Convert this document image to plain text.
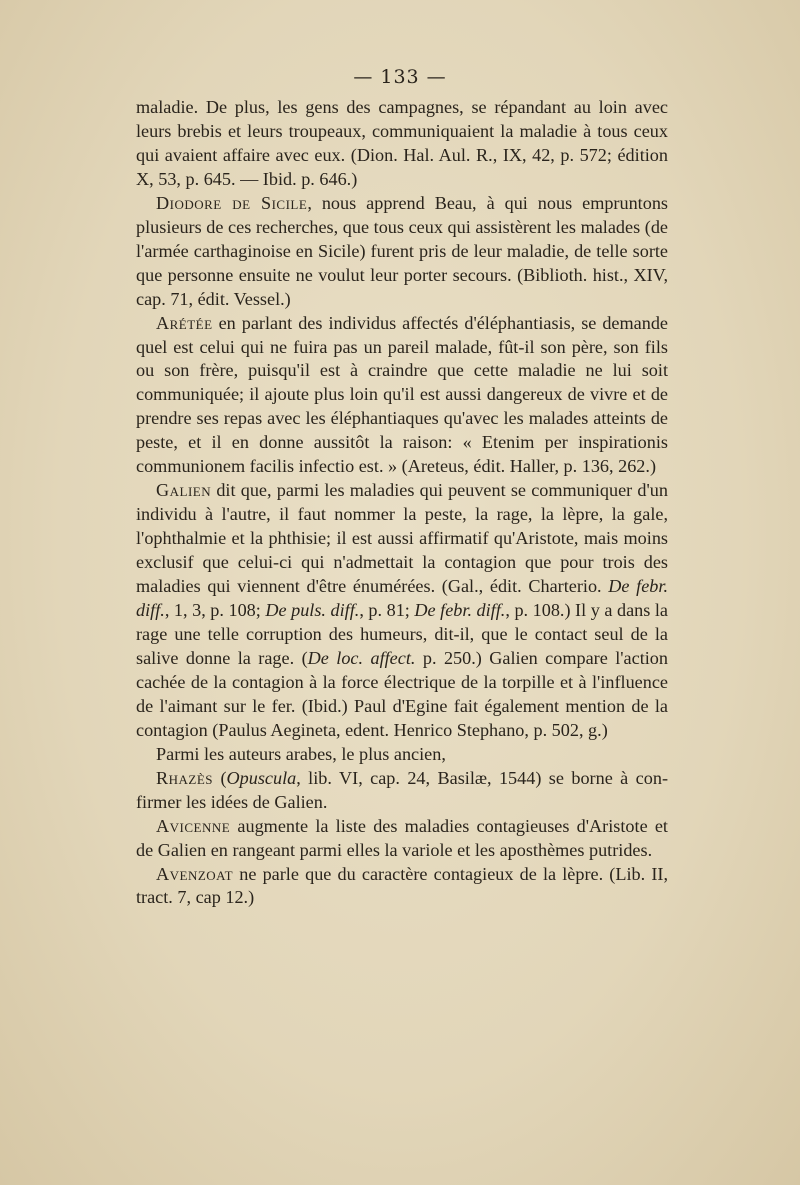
— 133 —
maladie. De plus, les gens des campagnes, se répandant au loin avec leurs brebis et leurs troupeaux, communiquaient la maladie à tous ceux qui avaient affaire avec eux. (Dion. Hal. Aul. R., IX, 42, p. 572; édition X, 53, p. 645. — Ibid. p. 646.)
Diodore de Sicile, nous apprend Beau, à qui nous empruntons plusieurs de ces recherches, que tous ceux qui assistèrent les malades (de l'armée carthaginoise en Sicile) furent pris de leur maladie, de telle sorte que personne ensuite ne voulut leur porter secours. (Biblioth. hist., XIV, cap. 71, édit. Vessel.)
Arétée en parlant des individus affectés d'éléphantiasis, se demande quel est celui qui ne fuira pas un pareil malade, fût-il son père, son fils ou son frère, puisqu'il est à craindre que cette maladie ne lui soit communiquée; il ajoute plus loin qu'il est aussi dangereux de vivre et de prendre ses repas avec les éléphantiaques qu'avec les malades atteints de peste, et il en donne aussitôt la raison: « Etenim per inspirationis communionem facilis infectio est. » (Areteus, édit. Haller, p. 136, 262.)
Galien dit que, parmi les maladies qui peuvent se communiquer d'un individu à l'autre, il faut nommer la peste, la rage, la lèpre, la gale, l'ophthalmie et la phthisie; il est aussi affirmatif qu'Aristote, mais moins exclusif que celui-ci qui n'admettait la contagion que pour trois des maladies qui viennent d'être énumérées. (Gal., édit. Charterio. De febr. diff., 1, 3, p. 108; De puls. diff., p. 81; De febr. diff., p. 108.) Il y a dans la rage une telle corruption des humeurs, dit-il, que le contact seul de la salive donne la rage. (De loc. affect. p. 250.) Galien compare l'action cachée de la contagion à la force électrique de la torpille et à l'influence de l'aimant sur le fer. (Ibid.) Paul d'Egine fait également mention de la contagion (Paulus Aegineta, edent. Henrico Stephano, p. 502, g.)
Parmi les auteurs arabes, le plus ancien,
Rhazès (Opuscula, lib. VI, cap. 24, Basilæ, 1544) se borne à confirmer les idées de Galien.
Avicenne augmente la liste des maladies contagieuses d'Aristote et de Galien en rangeant parmi elles la variole et les aposthèmes putrides.
Avenzoat ne parle que du caractère contagieux de la lèpre. (Lib. II, tract. 7, cap 12.)
